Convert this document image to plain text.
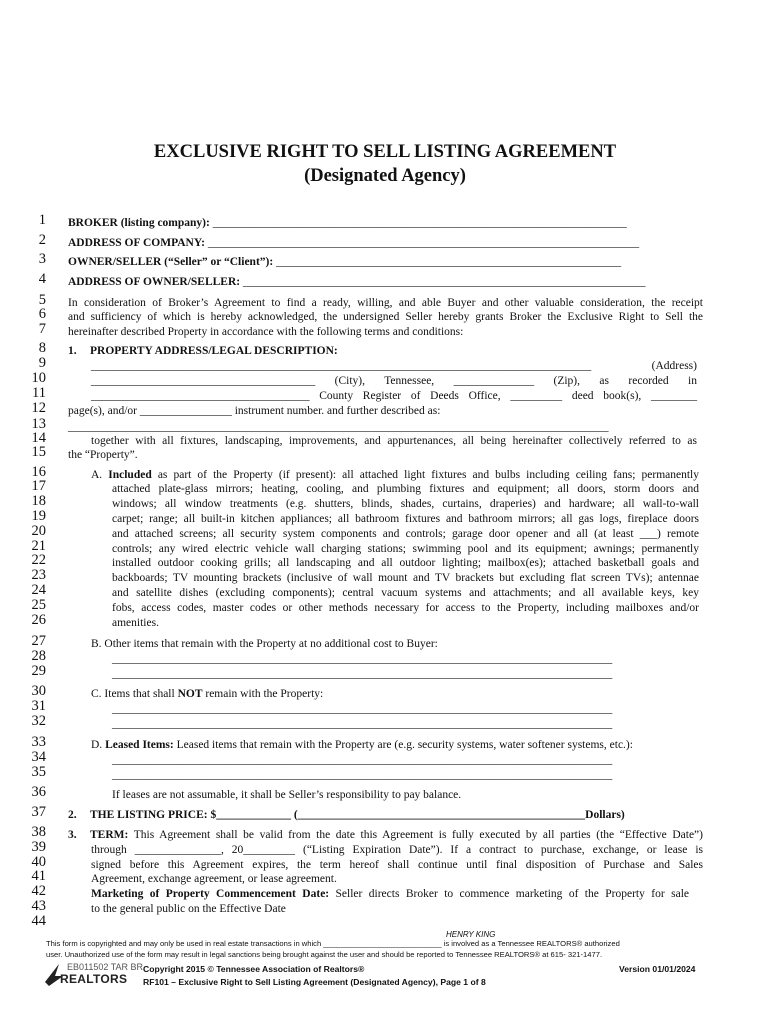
EXCLUSIVE RIGHT TO SELL LISTING AGREEMENT
(Designated Agency)
1 BROKER (listing company): ________________________________________________________________________
2 ADDRESS OF COMPANY: ___________________________________________________________________________
3 OWNER/SELLER (“Seller” or “Client”): ____________________________________________________________
4 ADDRESS OF OWNER/SELLER: ______________________________________________________________________
5 In consideration of Broker’s Agreement to find a ready, willing, and able Buyer and other valuable consideration, the receipt
6 and sufficiency of which is hereby acknowledged, the undersigned Seller hereby grants Broker the Exclusive Right to Sell the
7 hereinafter described Property in accordance with the following terms and conditions:
8 1. PROPERTY ADDRESS/LEGAL DESCRIPTION:
9	_______________________________________________________________________________________ (Address)
10	_______________________________________ (City), Tennessee, ______________ (Zip), as recorded in
11	______________________________________ County Register of Deeds Office, _________ deed book(s), ________
12 page(s), and/or ________________ instrument number. and further described as:
13 ______________________________________________________________________________________________
14	together with all fixtures, landscaping, improvements, and appurtenances, all being hereinafter collectively referred to as
15 the “Property”.
16	A. Included as part of the Property (if present): all attached light fixtures and bulbs including ceiling fans; permanently
17	attached plate-glass mirrors; heating, cooling, and plumbing fixtures and equipment; all doors, storm doors and
18	windows; all window treatments (e.g. shutters, blinds, shades, curtains, draperies) and hardware; all wall-to-wall
19	carpet; range; all built-in kitchen appliances; all bathroom fixtures and bathroom mirrors; all gas logs, fireplace doors
20	and attached screens; all security system components and controls; garage door opener and all (at least ___) remote
21	controls; any wired electric vehicle wall charging stations; swimming pool and its equipment; awnings; permanently
22	installed outdoor cooking grills; all landscaping and all outdoor lighting; mailbox(es); attached basketball goals and
23	backboards; TV mounting brackets (inclusive of wall mount and TV brackets but excluding flat screen TVs); antennae
24	and satellite dishes (excluding components); central vacuum systems and attachments; and all available keys, key
25	fobs, access codes, master codes or other methods necessary for access to the Property, including mailboxes and/or
26	amenities.
27	B. Other items that remain with the Property at no additional cost to Buyer:
28	_______________________________________________________________________________________
29	_______________________________________________________________________________________
30	C. Items that shall NOT remain with the Property:
31	_______________________________________________________________________________________
32	_______________________________________________________________________________________
33	D. Leased Items: Leased items that remain with the Property are (e.g. security systems, water softener systems, etc.):
34	_______________________________________________________________________________________
35	_______________________________________________________________________________________
36	If leases are not assumable, it shall be Seller’s responsibility to pay balance.
37 2. THE LISTING PRICE: $_____________ (__________________________________________________Dollars)
38 3. TERM: This Agreement shall be valid from the date this Agreement is fully executed by all parties (the “Effective Date”)
39	through _______________, 20_________ (“Listing Expiration Date”). If a contract to purchase, exchange, or lease is
40	signed before this Agreement expires, the term hereof shall continue until final disposition of Purchase and Sales
41	Agreement, exchange agreement, or lease agreement.
42	Marketing of Property Commencement Date: Seller directs Broker to commence marketing of the Property for sale
43	to the general public on the Effective Date
44
HENRY KING
This form is copyrighted and may only be used in real estate transactions in which ____________________________ is involved as a Tennessee REALTORS® authorized
user. Unauthorized use of the form may result in legal sanctions being brought against the user and should be reported to Tennessee REALTORS® at 615- 321-1477.
EB011502 TAR BR
REALTORS
Copyright 2015 © Tennessee Association of Realtors®	Version 01/01/2024
RF101 – Exclusive Right to Sell Listing Agreement (Designated Agency), Page 1 of 8
